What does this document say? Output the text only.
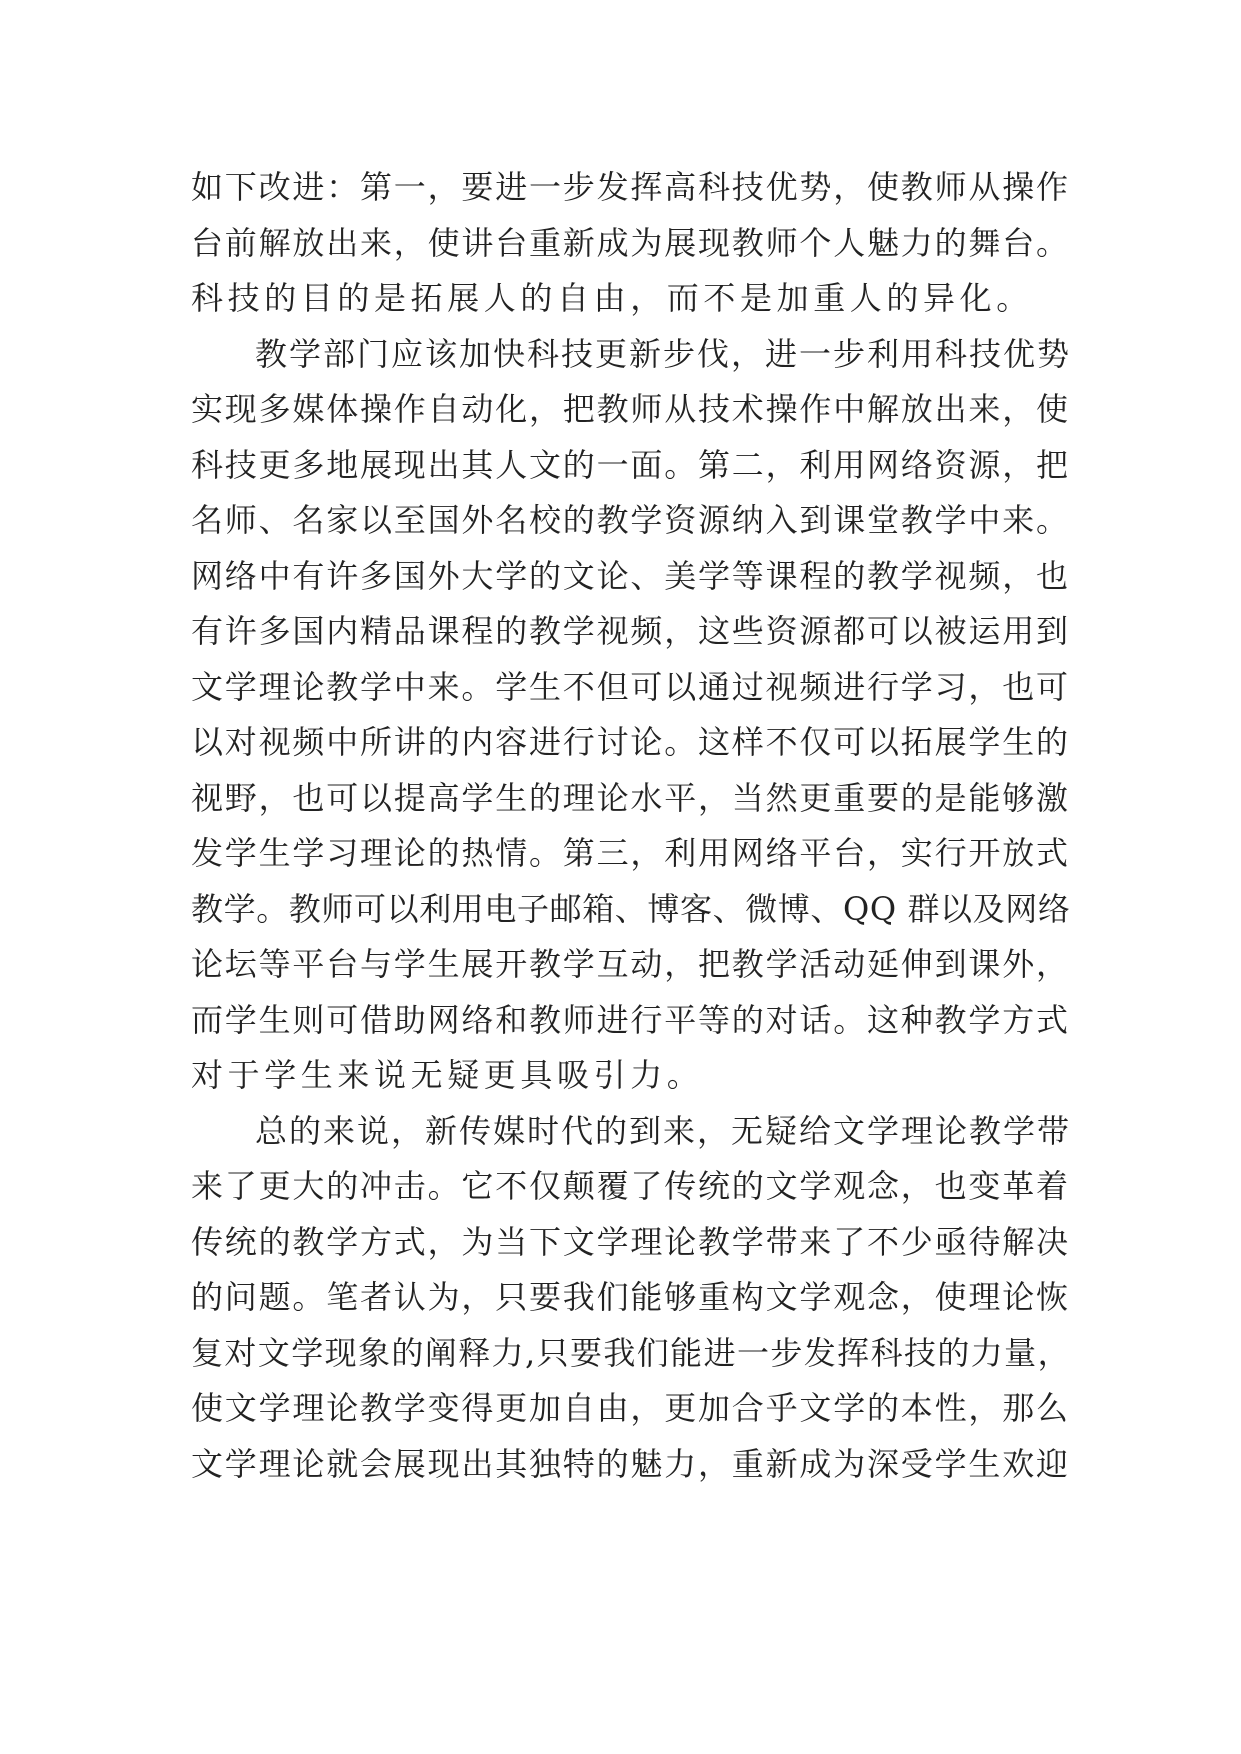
如下改进：第一，要进一步发挥高科技优势，使教师从操作
台前解放出来，使讲台重新成为展现教师个人魅力的舞台。
科技的目的是拓展人的自由，而不是加重人的异化。
教学部门应该加快科技更新步伐，进一步利用科技优势
实现多媒体操作自动化，把教师从技术操作中解放出来，使
科技更多地展现出其人文的一面。第二，利用网络资源，把
名师、名家以至国外名校的教学资源纳入到课堂教学中来。
网络中有许多国外大学的文论、美学等课程的教学视频，也
有许多国内精品课程的教学视频，这些资源都可以被运用到
文学理论教学中来。学生不但可以通过视频进行学习，也可
以对视频中所讲的内容进行讨论。这样不仅可以拓展学生的
视野，也可以提高学生的理论水平，当然更重要的是能够激
发学生学习理论的热情。第三，利用网络平台，实行开放式
教学。教师可以利用电子邮箱、博客、微博、QQ 群以及网络
论坛等平台与学生展开教学互动，把教学活动延伸到课外，
而学生则可借助网络和教师进行平等的对话。这种教学方式
对于学生来说无疑更具吸引力。
总的来说，新传媒时代的到来，无疑给文学理论教学带
来了更大的冲击。它不仅颠覆了传统的文学观念，也变革着
传统的教学方式，为当下文学理论教学带来了不少亟待解决
的问题。笔者认为，只要我们能够重构文学观念，使理论恢
复对文学现象的阐释力,只要我们能进一步发挥科技的力量，
使文学理论教学变得更加自由，更加合乎文学的本性，那么
文学理论就会展现出其独特的魅力，重新成为深受学生欢迎
